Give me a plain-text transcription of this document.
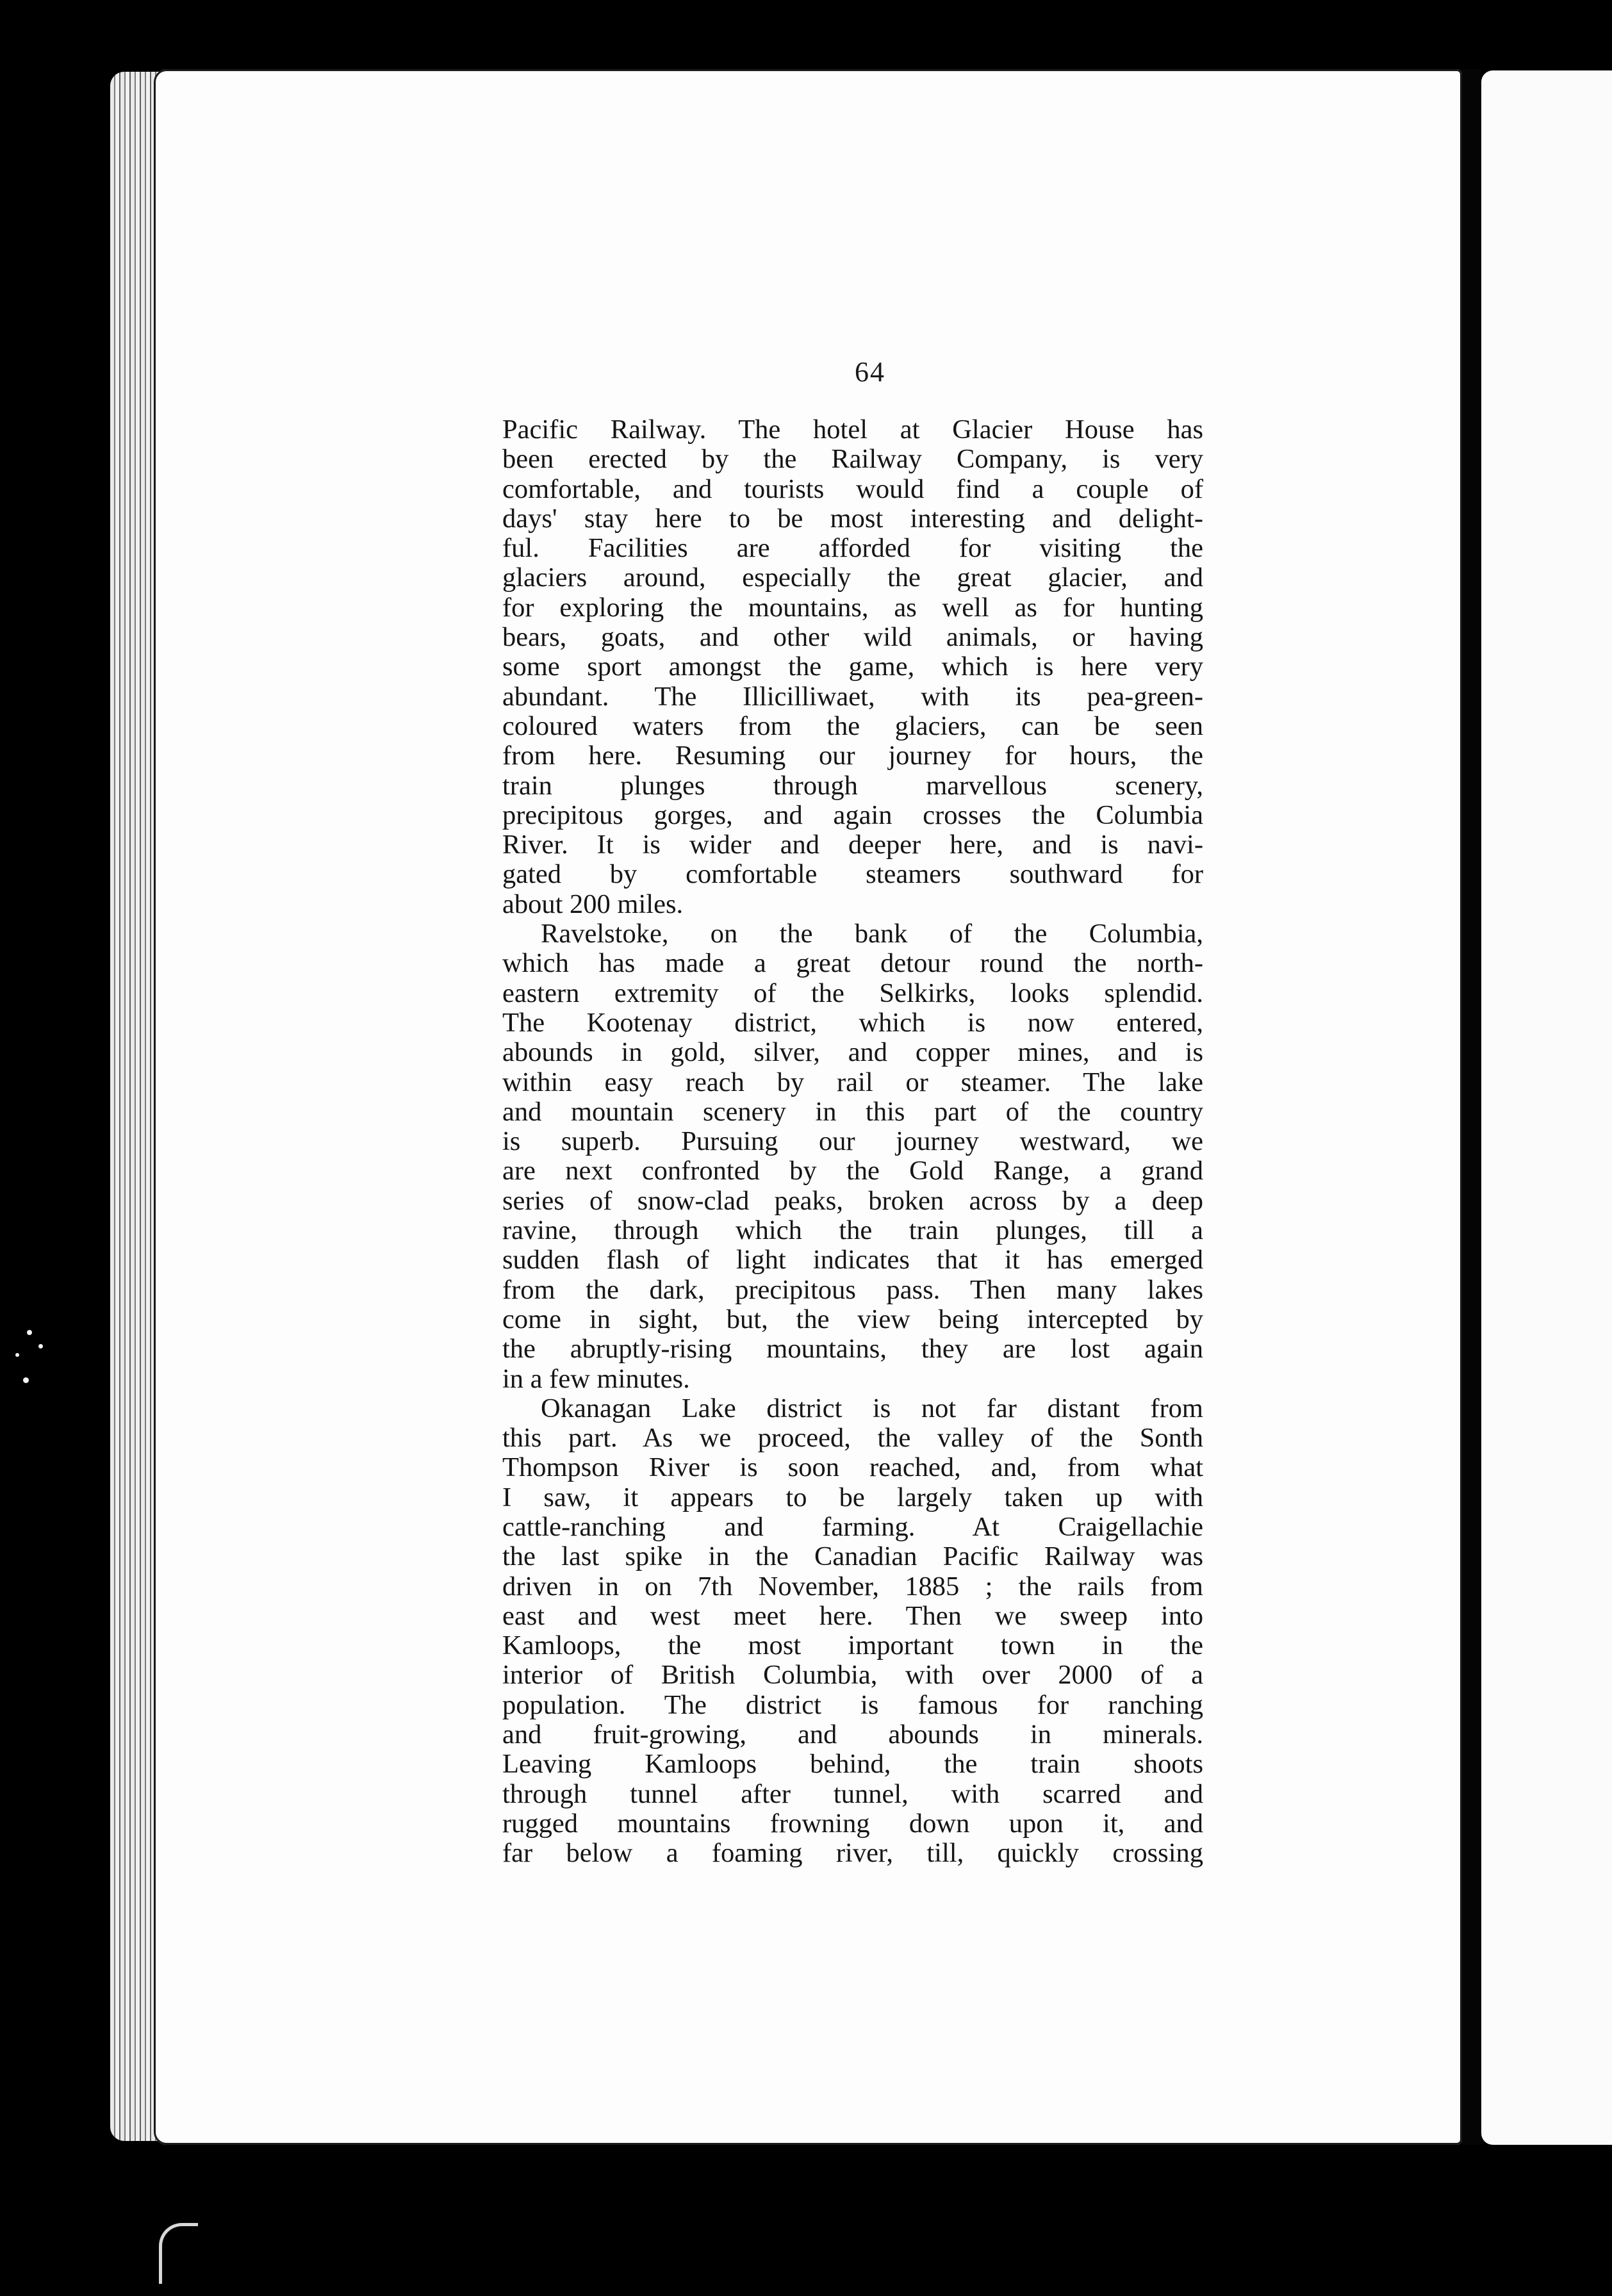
64
Pacific Railway. The hotel at Glacier House has
been erected by the Railway Company, is very
comfortable, and tourists would find a couple of
days' stay here to be most interesting and delight-
ful. Facilities are afforded for visiting the
glaciers around, especially the great glacier, and
for exploring the mountains, as well as for hunting
bears, goats, and other wild animals, or having
some sport amongst the game, which is here very
abundant. The Illicilliwaet, with its pea-green-
coloured waters from the glaciers, can be seen
from here. Resuming our journey for hours, the
train plunges through marvellous scenery,
precipitous gorges, and again crosses the Columbia
River. It is wider and deeper here, and is navi-
gated by comfortable steamers southward for
about 200 miles.
Ravelstoke, on the bank of the Columbia,
which has made a great detour round the north-
eastern extremity of the Selkirks, looks splendid.
The Kootenay district, which is now entered,
abounds in gold, silver, and copper mines, and is
within easy reach by rail or steamer. The lake
and mountain scenery in this part of the country
is superb. Pursuing our journey westward, we
are next confronted by the Gold Range, a grand
series of snow-clad peaks, broken across by a deep
ravine, through which the train plunges, till a
sudden flash of light indicates that it has emerged
from the dark, precipitous pass. Then many lakes
come in sight, but, the view being intercepted by
the abruptly-rising mountains, they are lost again
in a few minutes.
Okanagan Lake district is not far distant from
this part. As we proceed, the valley of the Sonth
Thompson River is soon reached, and, from what
I saw, it appears to be largely taken up with
cattle-ranching and farming. At Craigellachie
the last spike in the Canadian Pacific Railway was
driven in on 7th November, 1885 ; the rails from
east and west meet here. Then we sweep into
Kamloops, the most important town in the
interior of British Columbia, with over 2000 of a
population. The district is famous for ranching
and fruit-growing, and abounds in minerals.
Leaving Kamloops behind, the train shoots
through tunnel after tunnel, with scarred and
rugged mountains frowning down upon it, and
far below a foaming river, till, quickly crossing
